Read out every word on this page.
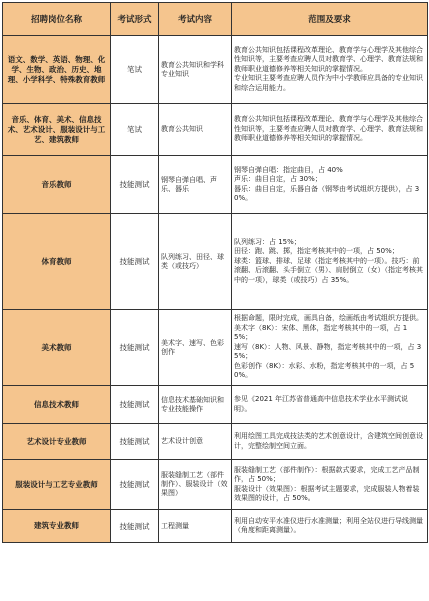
招聘岗位名称	考试形式	考试内容	范围及要求
语文、数学、英语、物理、化学、生物、政治、历史、地理、小学科学、特殊教育教师	笔试	教育公共知识和学科专业知识	教育公共知识包括课程改革理论、教育学与心理学及其他综合性知识等，主要考查应聘人员对教育学、心理学、教育法规和教师职业道德修养等相关知识的掌握情况。
专业知识主要考查应聘人员作为中小学教师应具备的专业知识和综合运用能力。

音乐、体育、美术、信息技术、艺术设计、服装设计与工艺、建筑教师	笔试	教育公共知识	教育公共知识包括课程改革理论、教育学与心理学及其他综合性知识等，主要考查应聘人员对教育学、心理学、教育法规和教师职业道德修养等相关知识的掌握情况。

音乐教师	技能测试	钢琴自弹自唱、声乐、器乐	钢琴自弹自唱：指定曲目，占 40%
声乐：曲目自定，占 30%；
器乐：曲目自定，乐器自备（钢琴由考试组织方提供），占 30%。

体育教师	技能测试	队列练习、田径、球类（或技巧）	队列练习：占 15%；
田径：跑、跳、掷，指定考核其中的一项，占 50%；
球类：篮球、排球、足球（指定考核其中的一项）。技巧：前滚翻、后滚翻、头手倒立（男）、肩肘倒立（女）（指定考核其中的一项），球类（或技巧）占 35%。

美术教师	技能测试	美术字、速写、色彩创作	根据命题，限时完成，画具自备，绘画纸由考试组织方提供。
美术字（8K）：宋体、黑体，指定考核其中的一项，占 15%；
速写（8K）：人物、风景、静物，指定考核其中的一项，占 35%；
色彩创作（8K）：水彩、水粉，指定考核其中的一项，占 50%。

信息技术教师	技能测试	信息技术基础知识和专业技能操作	参见《2021 年江苏省普通高中信息技术学业水平测试说明》。

艺术设计专业教师	技能测试	艺术设计创意	利用绘图工具完成技法类的艺术创意设计，含建筑空间创意设计，完整绘制空间立面。

服装设计与工艺专业教师	技能测试	服装缝制工艺（部件制作）、服装设计（效果图）	服装缝制工艺（部件制作）：根据款式要求，完成工艺产品制作，占 50%；
服装设计（效果图）：根据考试主题要求，完成服装人物着装效果图的设计，占 50%。

建筑专业教师	技能测试	工程测量	利用自动安平水准仪进行水准测量；利用全站仪进行导线测量（角度和距离测量）。
